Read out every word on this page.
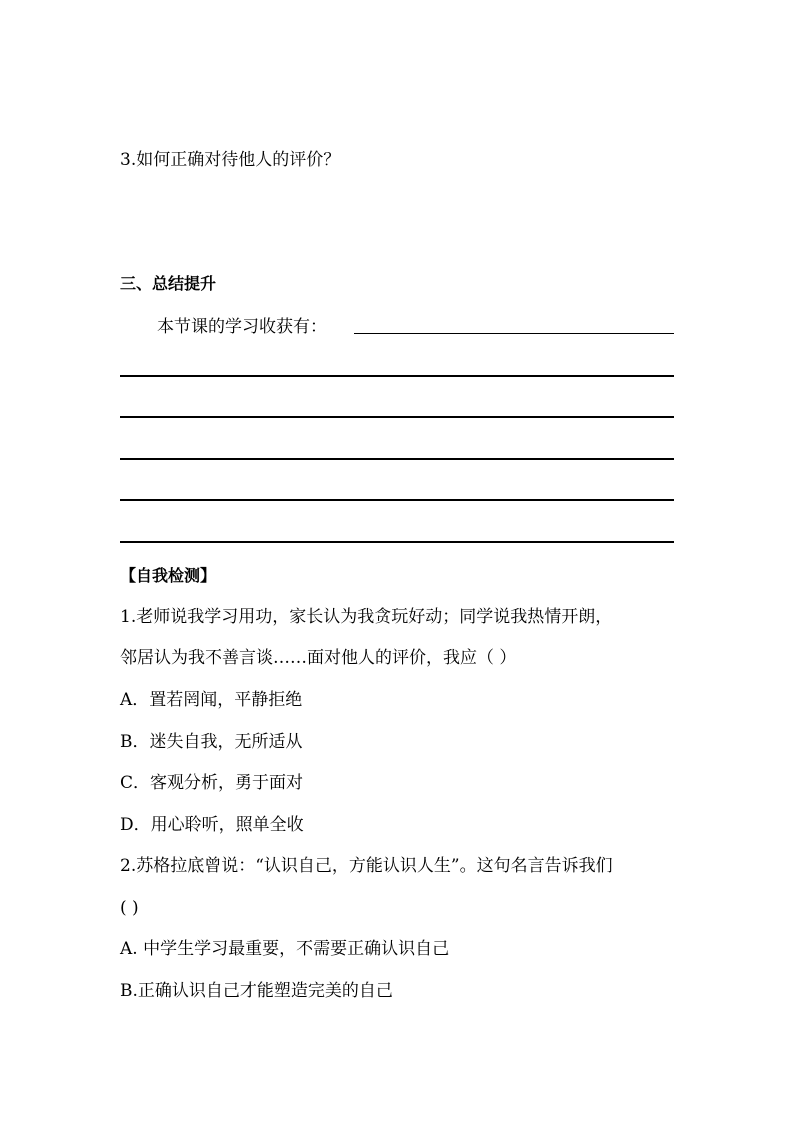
3.如何正确对待他人的评价？
三、总结提升
本节课的学习收获有：
【自我检测】
1.老师说我学习用功，家长认为我贪玩好动；同学说我热情开朗，
邻居认为我不善言谈……面对他人的评价，我应（ ）
A．置若罔闻，平静拒绝
B．迷失自我，无所适从
C．客观分析，勇于面对
D．用心聆听，照单全收
2.苏格拉底曾说：“认识自己，方能认识人生”。这句名言告诉我们
( )
A. 中学生学习最重要，不需要正确认识自己
B.正确认识自己才能塑造完美的自己
